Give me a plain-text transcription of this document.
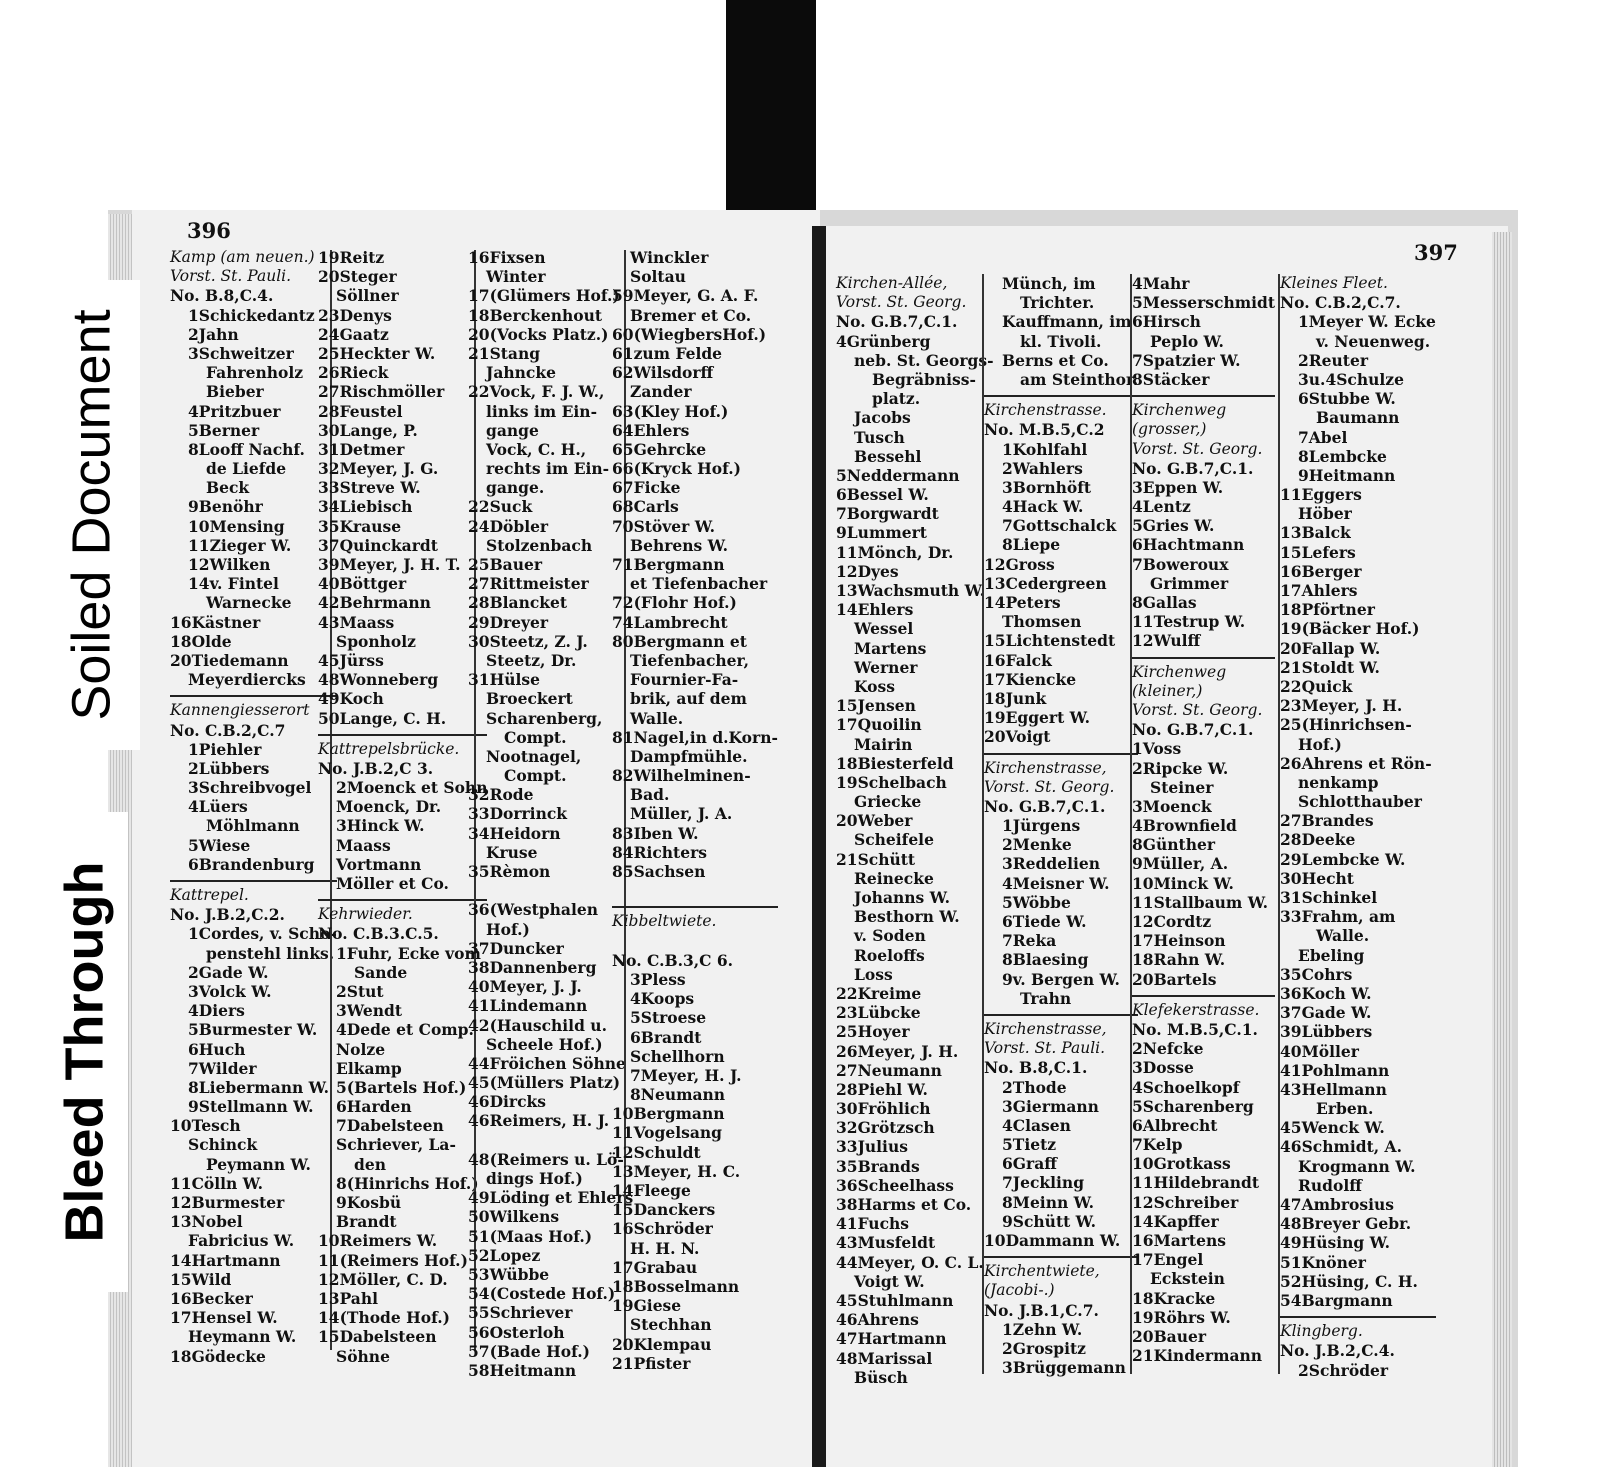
396
Kamp (am neuen.)
Vorst. St. Pauli.
No. B.8,C.4.
1Schickedantz
2Jahn
3Schweitzer
Fahrenholz
Bieber
4Pritzbuer
5Berner
8Looff Nachf.
de Liefde
Beck
9Benöhr
10Mensing
11Zieger W.
12Wilken
14v. Fintel
Warnecke
16Kästner
18Olde
20Tiedemann
Meyerdiercks
Kannengiesserort
No. C.B.2,C.7
1Piehler
2Lübbers
3Schreibvogel
4Lüers
Möhlmann
5Wiese
6Brandenburg
Kattrepel.
No. J.B.2,C.2.
1Cordes, v. Scho-
penstehl links.
2Gade W.
3Volck W.
4Diers
5Burmester W.
6Huch
7Wilder
8Liebermann W.
9Stellmann W.
10Tesch
Schinck
Peymann W.
11Cölln W.
12Burmester
13Nobel
Fabricius W.
14Hartmann
15Wild
16Becker
17Hensel W.
Heymann W.
18Gödecke
19Reitz
20Steger
Söllner
23Denys
24Gaatz
25Heckter W.
26Rieck
27Rischmöller
28Feustel
30Lange, P.
31Detmer
32Meyer, J. G.
33Streve W.
34Liebisch
35Krause
37Quinckardt
39Meyer, J. H. T.
40Böttger
42Behrmann
43Maass
Sponholz
45Jürss
48Wonneberg
49Koch
50Lange, C. H.
Kattrepelsbrücke.
No. J.B.2,C 3.
2Moenck et Sohn
Moenck, Dr.
3Hinck W.
Maass
Vortmann
Möller et Co.
Kehrwieder.
No. C.B.3.C.5.
1Fuhr, Ecke vom
Sande
2Stut
3Wendt
4Dede et Comp.
Nolze
Elkamp
5(Bartels Hof.)
6Harden
7Dabelsteen
Schriever, La-
den
8(Hinrichs Hof.)
9Kosbü
Brandt
10Reimers W.
11(Reimers Hof.)
12Möller, C. D.
13Pahl
14(Thode Hof.)
15Dabelsteen
Söhne
16Fixsen
Winter
17(Glümers Hof.)
18Berckenhout
20(Vocks Platz.)
21Stang
Jahncke
22Vock, F. J. W.,
links im Ein-
gange
Vock, C. H.,
rechts im Ein-
gange.
22Suck
24Döbler
Stolzenbach
25Bauer
27Rittmeister
28Blancket
29Dreyer
30Steetz, Z. J.
Steetz, Dr.
31Hülse
Broeckert
Scharenberg,
Compt.
Nootnagel,
Compt.
32Rode
33Dorrinck
34Heidorn
Kruse
35Rèmon
36(Westphalen
Hof.)
37Duncker
38Dannenberg
40Meyer, J. J.
41Lindemann
42(Hauschild u.
Scheele Hof.)
44Fröichen Söhne
45(Müllers Platz)
46Dircks
46Reimers, H. J.
48(Reimers u. Lö-
dings Hof.)
49Löding et Ehlers
50Wilkens
51(Maas Hof.)
52Lopez
53Wübbe
54(Costede Hof.)
55Schriever
56Osterloh
57(Bade Hof.)
58Heitmann
Winckler
Soltau
59Meyer, G. A. F.
Bremer et Co.
60(WiegbersHof.)
61zum Felde
62Wilsdorff
Zander
63(Kley Hof.)
64Ehlers
65Gehrcke
66(Kryck Hof.)
67Ficke
68Carls
70Stöver W.
Behrens W.
71Bergmann
et Tiefenbacher
72(Flohr Hof.)
74Lambrecht
80Bergmann et
Tiefenbacher,
Fournier-Fa-
brik, auf dem
Walle.
81Nagel,in d.Korn-
Dampfmühle.
82Wilhelminen-
Bad.
Müller, J. A.
83Iben W.
84Richters
85Sachsen
Kibbeltwiete.
No. C.B.3,C 6.
3Pless
4Koops
5Stroese
6Brandt
Schellhorn
7Meyer, H. J.
8Neumann
10Bergmann
11Vogelsang
12Schuldt
13Meyer, H. C.
14Fleege
15Danckers
16Schröder
H. H. N.
17Grabau
18Bosselmann
19Giese
Stechhan
20Klempau
21Pfister
397
Kirchen-Allée,
Vorst. St. Georg.
No. G.B.7,C.1.
4Grünberg
neb. St. Georgs-
Begräbniss-
platz.
Jacobs
Tusch
Bessehl
5Neddermann
6Bessel W.
7Borgwardt
9Lummert
11Mönch, Dr.
12Dyes
13Wachsmuth W.
14Ehlers
Wessel
Martens
Werner
Koss
15Jensen
17Quoilin
Mairin
18Biesterfeld
19Schelbach
Griecke
20Weber
Scheifele
21Schütt
Reinecke
Johanns W.
Besthorn W.
v. Soden
Roeloffs
Loss
22Kreime
23Lübcke
25Hoyer
26Meyer, J. H.
27Neumann
28Piehl W.
30Fröhlich
32Grötzsch
33Julius
35Brands
36Scheelhass
38Harms et Co.
41Fuchs
43Musfeldt
44Meyer, O. C. L.
Voigt W.
45Stuhlmann
46Ahrens
47Hartmann
48Marissal
Büsch
Münch, im
Trichter.
Kauffmann, im
kl. Tivoli.
Berns et Co.
am Steinthor.
Kirchenstrasse.
No. M.B.5,C.2
1Kohlfahl
2Wahlers
3Bornhöft
4Hack W.
7Gottschalck
8Liepe
12Gross
13Cedergreen
14Peters
Thomsen
15Lichtenstedt
16Falck
17Kiencke
18Junk
19Eggert W.
20Voigt
Kirchenstrasse,
Vorst. St. Georg.
No. G.B.7,C.1.
1Jürgens
2Menke
3Reddelien
4Meisner W.
5Wöbbe
6Tiede W.
7Reka
8Blaesing
9v. Bergen W.
Trahn
Kirchenstrasse,
Vorst. St. Pauli.
No. B.8,C.1.
2Thode
3Giermann
4Clasen
5Tietz
6Graff
7Jeckling
8Meinn W.
9Schütt W.
10Dammann W.
Kirchentwiete,
(Jacobi-.)
No. J.B.1,C.7.
1Zehn W.
2Grospitz
3Brüggemann
4Mahr
5Messerschmidt
6Hirsch
Peplo W.
7Spatzier W.
8Stäcker
Kirchenweg
(grosser,)
Vorst. St. Georg.
No. G.B.7,C.1.
3Eppen W.
4Lentz
5Gries W.
6Hachtmann
7Boweroux
Grimmer
8Gallas
11Testrup W.
12Wulff
Kirchenweg
(kleiner,)
Vorst. St. Georg.
No. G.B.7,C.1.
1Voss
2Ripcke W.
Steiner
3Moenck
4Brownfield
8Günther
9Müller, A.
10Minck W.
11Stallbaum W.
12Cordtz
17Heinson
18Rahn W.
20Bartels
Klefekerstrasse.
No. M.B.5,C.1.
2Nefcke
3Dosse
4Schoelkopf
5Scharenberg
6Albrecht
7Kelp
10Grotkass
11Hildebrandt
12Schreiber
14Kapffer
16Martens
17Engel
Eckstein
18Kracke
19Röhrs W.
20Bauer
21Kindermann
Kleines Fleet.
No. C.B.2,C.7.
1Meyer W. Ecke
v. Neuenweg.
2Reuter
3u.4Schulze
6Stubbe W.
Baumann
7Abel
8Lembcke
9Heitmann
11Eggers
Höber
13Balck
15Lefers
16Berger
17Ahlers
18Pförtner
19(Bäcker Hof.)
20Fallap W.
21Stoldt W.
22Quick
23Meyer, J. H.
25(Hinrichsen-
Hof.)
26Ahrens et Rön-
nenkamp
Schlotthauber
27Brandes
28Deeke
29Lembcke W.
30Hecht
31Schinkel
33Frahm, am
Walle.
Ebeling
35Cohrs
36Koch W.
37Gade W.
39Lübbers
40Möller
41Pohlmann
43Hellmann
Erben.
45Wenck W.
46Schmidt, A.
Krogmann W.
Rudolff
47Ambrosius
48Breyer Gebr.
49Hüsing W.
51Knöner
52Hüsing, C. H.
54Bargmann
Klingberg.
No. J.B.2,C.4.
2Schröder
Soiled Document
Bleed Through
